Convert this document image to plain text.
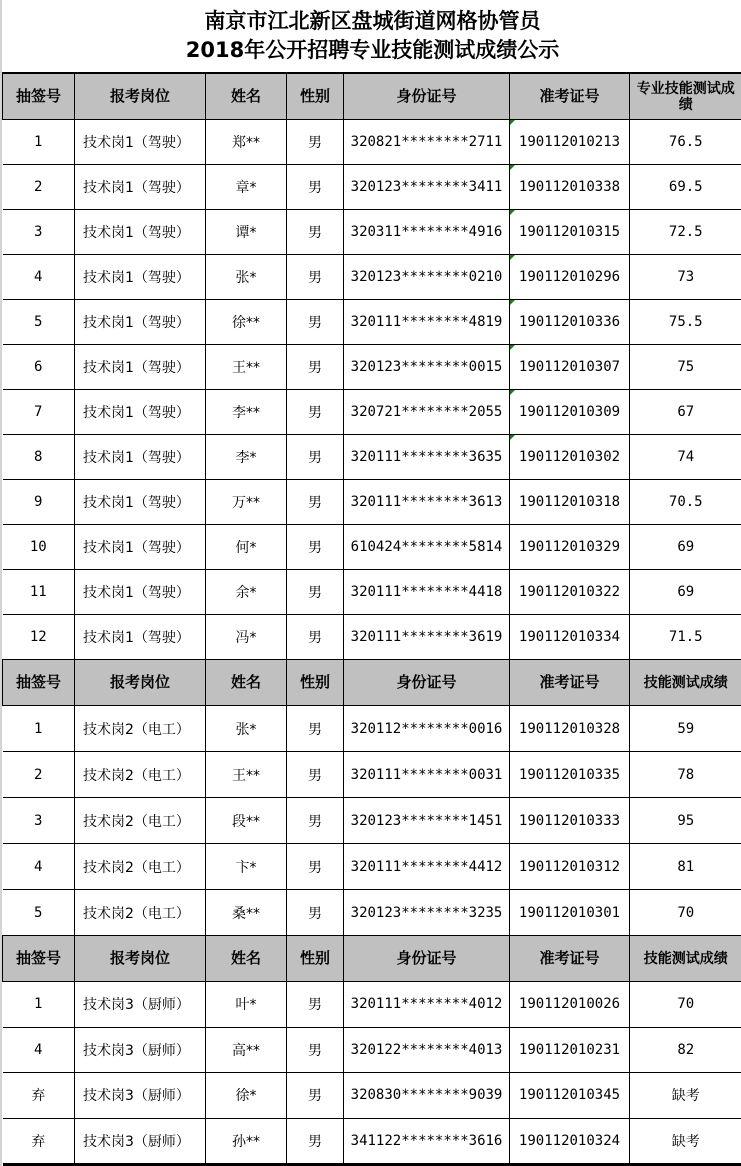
南京市江北新区盘城街道网格协管员
2018年公开招聘专业技能测试成绩公示
抽签号	报考岗位	姓名	性别	身份证号	准考证号	专业技能测试成绩
1	技术岗1（驾驶）	郑**	男	320821********2711	190112010213	76.5
2	技术岗1（驾驶）	章*	男	320123********3411	190112010338	69.5
3	技术岗1（驾驶）	谭*	男	320311********4916	190112010315	72.5
4	技术岗1（驾驶）	张*	男	320123********0210	190112010296	73
5	技术岗1（驾驶）	徐**	男	320111********4819	190112010336	75.5
6	技术岗1（驾驶）	王**	男	320123********0015	190112010307	75
7	技术岗1（驾驶）	李**	男	320721********2055	190112010309	67
8	技术岗1（驾驶）	李*	男	320111********3635	190112010302	74
9	技术岗1（驾驶）	万**	男	320111********3613	190112010318	70.5
10	技术岗1（驾驶）	何*	男	610424********5814	190112010329	69
11	技术岗1（驾驶）	余*	男	320111********4418	190112010322	69
12	技术岗1（驾驶）	冯*	男	320111********3619	190112010334	71.5
抽签号	报考岗位	姓名	性别	身份证号	准考证号	技能测试成绩
1	技术岗2（电工）	张*	男	320112********0016	190112010328	59
2	技术岗2（电工）	王**	男	320111********0031	190112010335	78
3	技术岗2（电工）	段**	男	320123********1451	190112010333	95
4	技术岗2（电工）	卞*	男	320111********4412	190112010312	81
5	技术岗2（电工）	桑**	男	320123********3235	190112010301	70
抽签号	报考岗位	姓名	性别	身份证号	准考证号	技能测试成绩
1	技术岗3（厨师）	叶*	男	320111********4012	190112010026	70
4	技术岗3（厨师）	高**	男	320122********4013	190112010231	82
弃	技术岗3（厨师）	徐*	男	320830********9039	190112010345	缺考
弃	技术岗3（厨师）	孙**	男	341122********3616	190112010324	缺考
